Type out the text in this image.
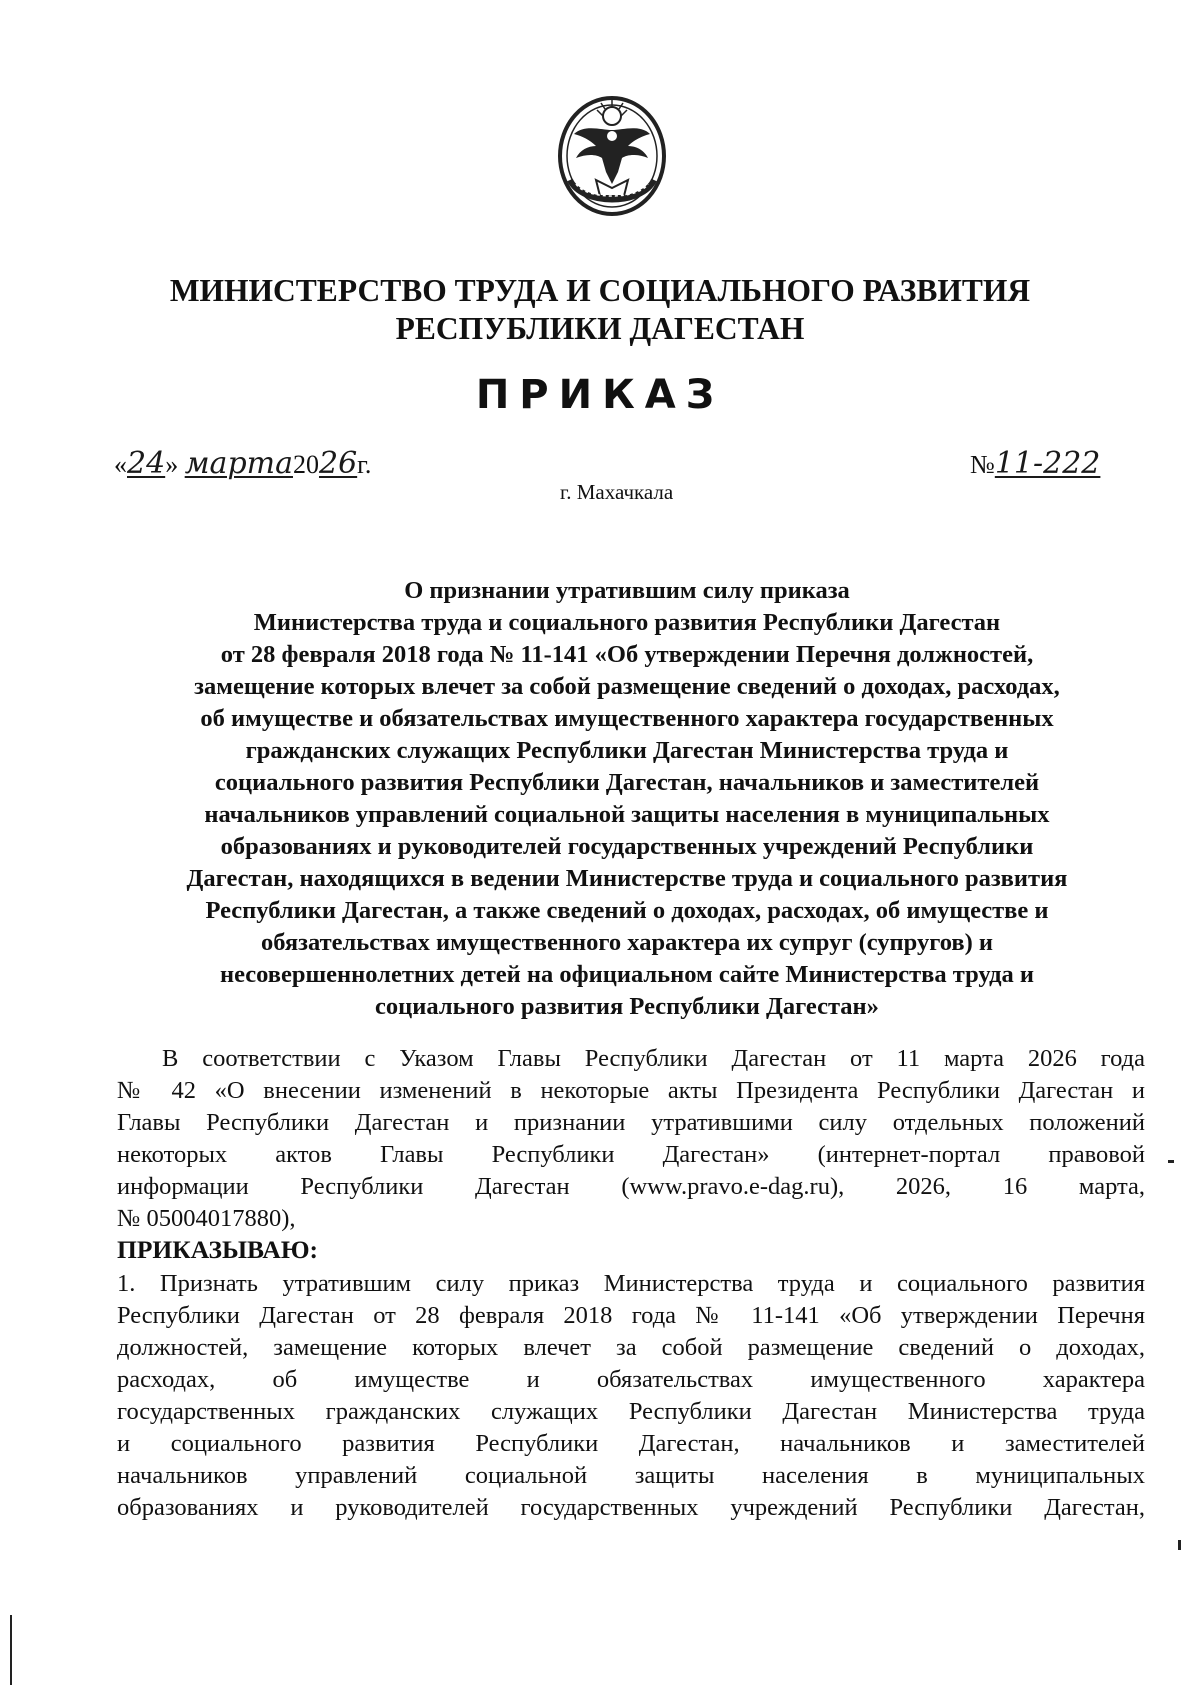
МИНИСТЕРСТВО ТРУДА И СОЦИАЛЬНОГО РАЗВИТИЯ
РЕСПУБЛИКИ ДАГЕСТАН
ПРИКАЗ
«24» марта2026г.	№11-222
г. Махачкала
О признании утратившим силу приказа
Министерства труда и социального развития Республики Дагестан
от 28 февраля 2018 года № 11-141 «Об утверждении Перечня должностей,
замещение которых влечет за собой размещение сведений о доходах, расходах,
об имуществе и обязательствах имущественного характера государственных
гражданских служащих Республики Дагестан Министерства труда и
социального развития Республики Дагестан, начальников и заместителей
начальников управлений социальной защиты населения в муниципальных
образованиях и руководителей государственных учреждений Республики
Дагестан, находящихся в ведении Министерстве труда и социального развития
Республики Дагестан, а также сведений о доходах, расходах, об имуществе и
обязательствах имущественного характера их супруг (супругов) и
несовершеннолетних детей на официальном сайте Министерства труда и
социального развития Республики Дагестан»
В соответствии с Указом Главы Республики Дагестан от 11 марта 2026 года
№ 42 «О внесении изменений в некоторые акты Президента Республики Дагестан и
Главы Республики Дагестан и признании утратившими силу отдельных положений
некоторых актов Главы Республики Дагестан» (интернет-портал правовой
информации Республики Дагестан (www.pravo.e-dag.ru), 2026, 16 марта,
№ 05004017880),
ПРИКАЗЫВАЮ:
1. Признать утратившим силу приказ Министерства труда и социального развития
Республики Дагестан от 28 февраля 2018 года № 11-141 «Об утверждении Перечня
должностей, замещение которых влечет за собой размещение сведений о доходах,
расходах, об имуществе и обязательствах имущественного характера
государственных гражданских служащих Республики Дагестан Министерства труда
и социального развития Республики Дагестан, начальников и заместителей
начальников управлений социальной защиты населения в муниципальных
образованиях и руководителей государственных учреждений Республики Дагестан,
